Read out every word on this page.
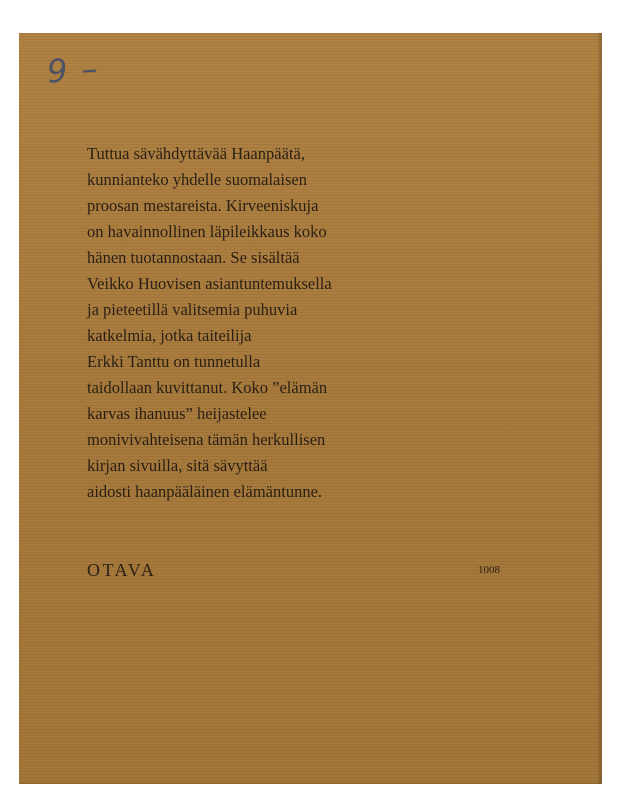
9 –
Tuttua sävähdyttävää Haanpäätä,
kunnianteko yhdelle suomalaisen
proosan mestareista. Kirveeniskuja
on havainnollinen läpileikkaus koko
hänen tuotannostaan. Se sisältää
Veikko Huovisen asiantuntemuksella
ja pieteetillä valitsemia puhuvia
katkelmia, jotka taiteilija
Erkki Tanttu on tunnetulla
taidollaan kuvittanut. Koko ”elämän
karvas ihanuus” heijastelee
monivivahteisena tämän herkullisen
kirjan sivuilla, sitä sävyttää
aidosti haanpääläinen elämäntunne.
OTAVA	1008
